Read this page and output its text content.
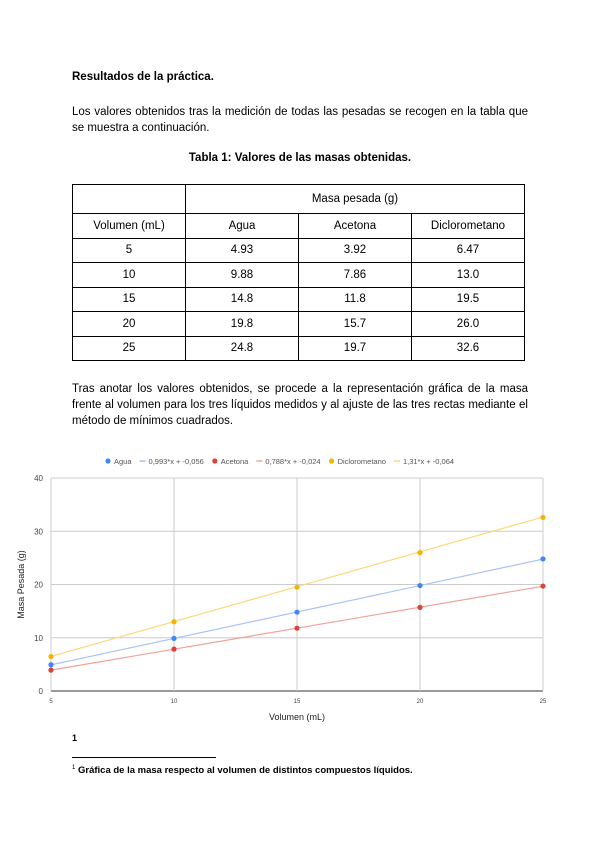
Resultados de la práctica.
Los valores obtenidos tras la medición de todas las pesadas se recogen en la tabla que se muestra a continuación.
Tabla 1: Valores de las masas obtenidas.
	Masa pesada (g)		
Volumen (mL)	Agua	Acetona	Diclorometano
5	4.93	3.92	6.47
10	9.88	7.86	13.0
15	14.8	11.8	19.5
20	19.8	15.7	26.0
25	24.8	19.7	32.6
Tras anotar los valores obtenidos, se procede a la representación gráfica de la masa frente al volumen para los tres líquidos medidos y al ajuste de las tres rectas mediante el método de mínimos cuadrados.
0
10
20
30
40
5	10	15	20	25
Volumen (mL)
Masa Pesada (g)
Agua 0,993*x + -0,056 Acetona 0,788*x + -0,024 Diclorometano 1,31*x + -0,064
1
$^1$ Gráfica de la masa respecto al volumen de distintos compuestos líquidos.
